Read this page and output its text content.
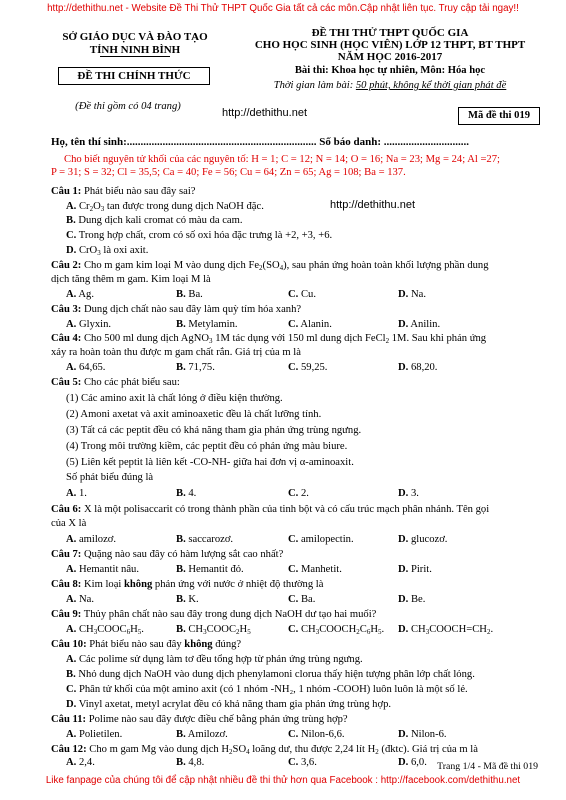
http://dethithu.net - Website Đề Thi Thử THPT Quốc Gia tất cả các môn.Cập nhật liên tục. Truy cập tải ngay!!
SỞ GIÁO DỤC VÀ ĐÀO TẠO
TỈNH NINH BÌNH
ĐỀ THI CHÍNH THỨC
(Đề thi gồm có 04 trang)
ĐỀ THI THỬ THPT QUỐC GIA
CHO HỌC SINH (HỌC VIÊN) LỚP 12 THPT, BT THPT
NĂM HỌC 2016-2017
Bài thi: Khoa học tự nhiên, Môn: Hóa học
Thời gian làm bài: 50 phút, không kể thời gian phát đề
http://dethithu.net	Mã đề thi 019
Họ, tên thí sinh:..................................................................... Số báo danh: ...............................
Cho biết nguyên tử khối của các nguyên tố: H = 1; C = 12; N = 14; O = 16; Na = 23; Mg = 24; Al =27;
P = 31; S = 32; Cl = 35,5; Ca = 40; Fe = 56; Cu = 64; Zn = 65; Ag = 108; Ba = 137.
Câu 1: Phát biểu nào sau đây sai?
A. $Cr_2O_3$ tan được trong dung dịch NaOH đặc.	http://dethithu.net
B. Dung dịch kali cromat có màu da cam.
C. Trong hợp chất, crom có số oxi hóa đặc trưng là +2, +3, +6.
D. CrO$_3$ là oxi axit.
Câu 2: Cho m gam kim loại M vào dung dịch $Fe_2(SO_4)$, sau phản ứng hoàn toàn khối lượng phần dung
dịch tăng thêm m gam. Kim loại M là
A. Ag.	B. Ba.	C. Cu.	D. Na.
Câu 3: Dung dịch chất nào sau đây làm quỳ tím hóa xanh?
A. Glyxin.	B. Metylamin.	C. Alanin.	D. Anilin.
Câu 4: Cho 500 ml dung dịch AgNO$_3$ 1M tác dụng với 150 ml dung dịch FeCl$_2$ 1M. Sau khi phản ứng
xảy ra hoàn toàn thu được m gam chất rắn. Giá trị của m là
A. 64,65.	B. 71,75.	C. 59,25.	D. 68,20.
Câu 5: Cho các phát biểu sau:
(1) Các amino axit là chất lỏng ở điều kiện thường.
(2) Amoni axetat và axit aminoaxetic đều là chất lưỡng tính.
(3) Tất cả các peptit đều có khả năng tham gia phản ứng trùng ngưng.
(4) Trong môi trường kiềm, các peptit đều có phản ứng màu biure.
(5) Liên kết peptit là liên kết -CO-NH- giữa hai đơn vị α-aminoaxit.
Số phát biểu đúng là
A. 1.	B. 4.	C. 2.	D. 3.
Câu 6: X là một polisaccarit có trong thành phần của tinh bột và có cấu trúc mạch phân nhánh. Tên gọi
của X là
A. amilozơ.	B. saccarozơ.	C. amilopectin.	D. glucozơ.
Câu 7: Quặng nào sau đây có hàm lượng sắt cao nhất?
A. Hemantit nâu.	B. Hemantit đỏ.	C. Manhetit.	D. Pirit.
Câu 8: Kim loại không phản ứng với nước ở nhiệt độ thường là
A. Na.	B. K.	C. Ba.	D. Be.
Câu 9: Thủy phân chất nào sau đây trong dung dịch NaOH dư tạo hai muối?
A. $CH_3COOC_6H_5$.	B. $CH_3COOC_2H_5$	C. $CH_3COOCH_2C_6H_5$. D. $CH_3COOCH=CH_2$.
Câu 10: Phát biểu nào sau đây không đúng?
A. Các polime sử dụng làm tơ đều tổng hợp từ phản ứng trùng ngưng.
B. Nhỏ dung dịch NaOH vào dung dịch phenylamoni clorua thấy hiện tượng phân lớp chất lỏng.
C. Phân tử khối của một amino axit (có 1 nhóm -NH₂, 1 nhóm -COOH) luôn luôn là một số lẻ.
D. Vinyl axetat, metyl acrylat đều có khả năng tham gia phản ứng trùng hợp.
Câu 11: Polime nào sau đây được điều chế bằng phản ứng trùng hợp?
A. Polietilen.	B. Amilozơ.	C. Nilon-6,6.	D. Nilon-6.
Câu 12: Cho m gam Mg vào dung dịch $H_2SO_4$ loãng dư, thu được 2,24 lít $H_2$ (đktc). Giá trị của m là
A. 2,4.	B. 4,8.	C. 3,6.	D. 6,0. Trang 1/4 - Mã đề thi 019
Like fanpage của chúng tôi để cập nhật nhiều đề thi thử hơn qua Facebook : http://facebook.com/dethithu.net
